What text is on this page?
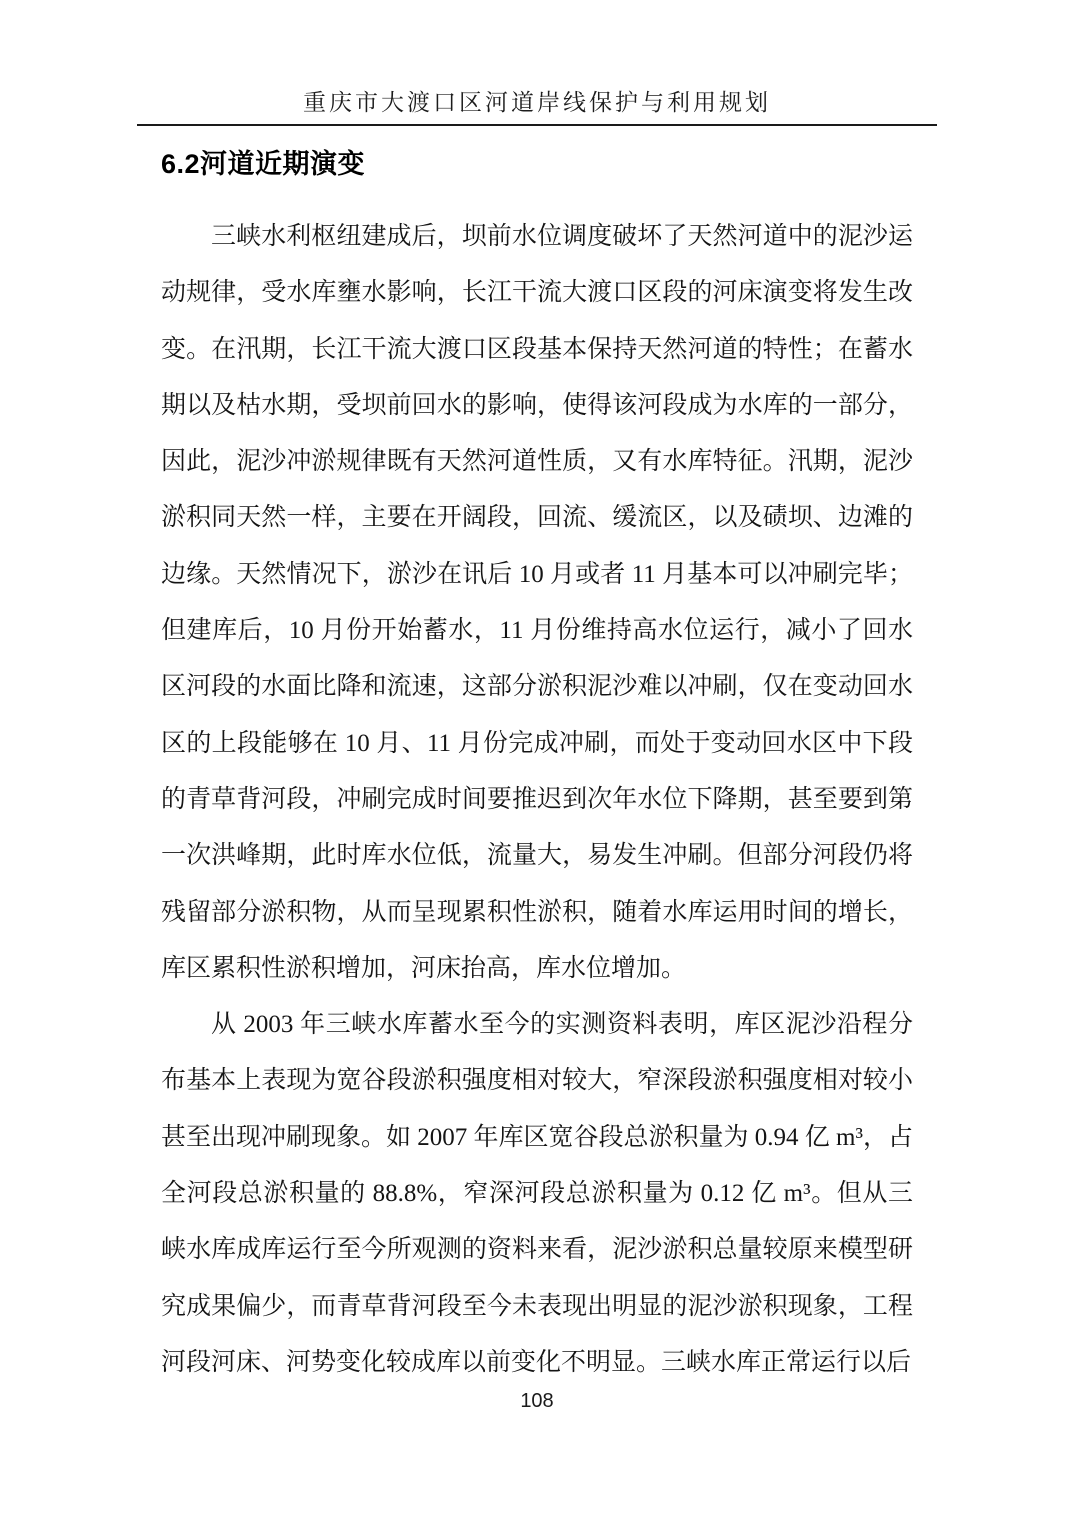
重庆市大渡口区河道岸线保护与利用规划
6.2河道近期演变

三峡水利枢纽建成后，坝前水位调度破坏了天然河道中的泥沙运动规律，受水库壅水影响，长江干流大渡口区段的河床演变将发生改变。在汛期，长江干流大渡口区段基本保持天然河道的特性；在蓄水期以及枯水期，受坝前回水的影响，使得该河段成为水库的一部分，因此，泥沙冲淤规律既有天然河道性质，又有水库特征。汛期，泥沙淤积同天然一样，主要在开阔段，回流、缓流区，以及碛坝、边滩的边缘。天然情况下，淤沙在讯后 10 月或者 11 月基本可以冲刷完毕；但建库后，10 月份开始蓄水，11 月份维持高水位运行，减小了回水区河段的水面比降和流速，这部分淤积泥沙难以冲刷，仅在变动回水区的上段能够在 10 月、11 月份完成冲刷，而处于变动回水区中下段的青草背河段，冲刷完成时间要推迟到次年水位下降期，甚至要到第一次洪峰期，此时库水位低，流量大，易发生冲刷。但部分河段仍将残留部分淤积物，从而呈现累积性淤积，随着水库运用时间的增长，库区累积性淤积增加，河床抬高，库水位增加。

从 2003 年三峡水库蓄水至今的实测资料表明，库区泥沙沿程分布基本上表现为宽谷段淤积强度相对较大，窄深段淤积强度相对较小甚至出现冲刷现象。如 2007 年库区宽谷段总淤积量为 0.94 亿 m³，占全河段总淤积量的 88.8%，窄深河段总淤积量为 0.12 亿 m³。但从三峡水库成库运行至今所观测的资料来看，泥沙淤积总量较原来模型研究成果偏少，而青草背河段至今未表现出明显的泥沙淤积现象，工程河段河床、河势变化较成库以前变化不明显。三峡水库正常运行以后

108
